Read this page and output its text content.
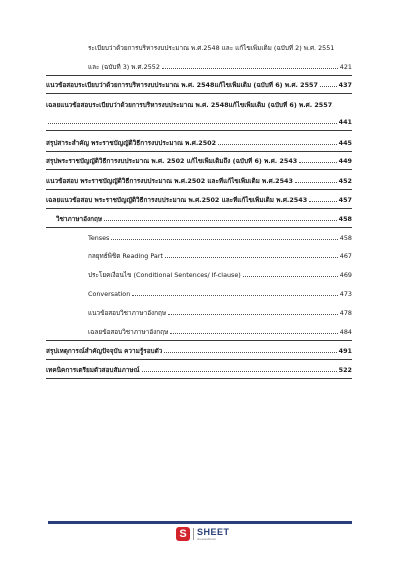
ระเบียบว่าด้วยการบริหารงบประมาณ พ.ศ.2548 และ แก้ไขเพิ่มเติม (ฉบับที่ 2) พ.ศ. 2551
และ (ฉบับที่ 3) พ.ศ.2552	421
แนวข้อสอบระเบียบว่าด้วยการบริหารงบประมาณ พ.ศ. 2548แก้ไขเพิ่มเติม (ฉบับที่ 6) พ.ศ. 2557	437
เฉลยแนวข้อสอบระเบียบว่าด้วยการบริหารงบประมาณ พ.ศ. 2548แก้ไขเพิ่มเติม (ฉบับที่ 6) พ.ศ. 2557
441
สรุปสาระสำคัญ พระราชบัญญัติวิธีการงบประมาณ พ.ศ.2502	445
สรุปพระราชบัญญัติวิธีการงบประมาณ พ.ศ. 2502 แก้ไขเพิ่มเติมถึง (ฉบับที่ 6) พ.ศ. 2543	449
แนวข้อสอบ พระราชบัญญัติวิธีการงบประมาณ พ.ศ.2502 และที่แก้ไขเพิ่มเติม พ.ศ.2543	452
เฉลยแนวข้อสอบ พระราชบัญญัติวิธีการงบประมาณ พ.ศ.2502 และที่แก้ไขเพิ่มเติม พ.ศ.2543	457
วิชาภาษาอังกฤษ	458
Tenses	458
กลยุทธ์พิชิต Reading Part	467
ประโยคเงื่อนไข (Conditional Sentences/ If-clause)	469
Conversation	473
แนวข้อสอบวิชาภาษาอังกฤษ	478
เฉลยข้อสอบวิชาภาษาอังกฤษ	484
สรุปเหตุการณ์สำคัญปัจจุบัน ความรู้รอบตัว	491
เทคนิคการเตรียมตัวสอบสัมภาษณ์	522
S
SHEET
sheetandbook
